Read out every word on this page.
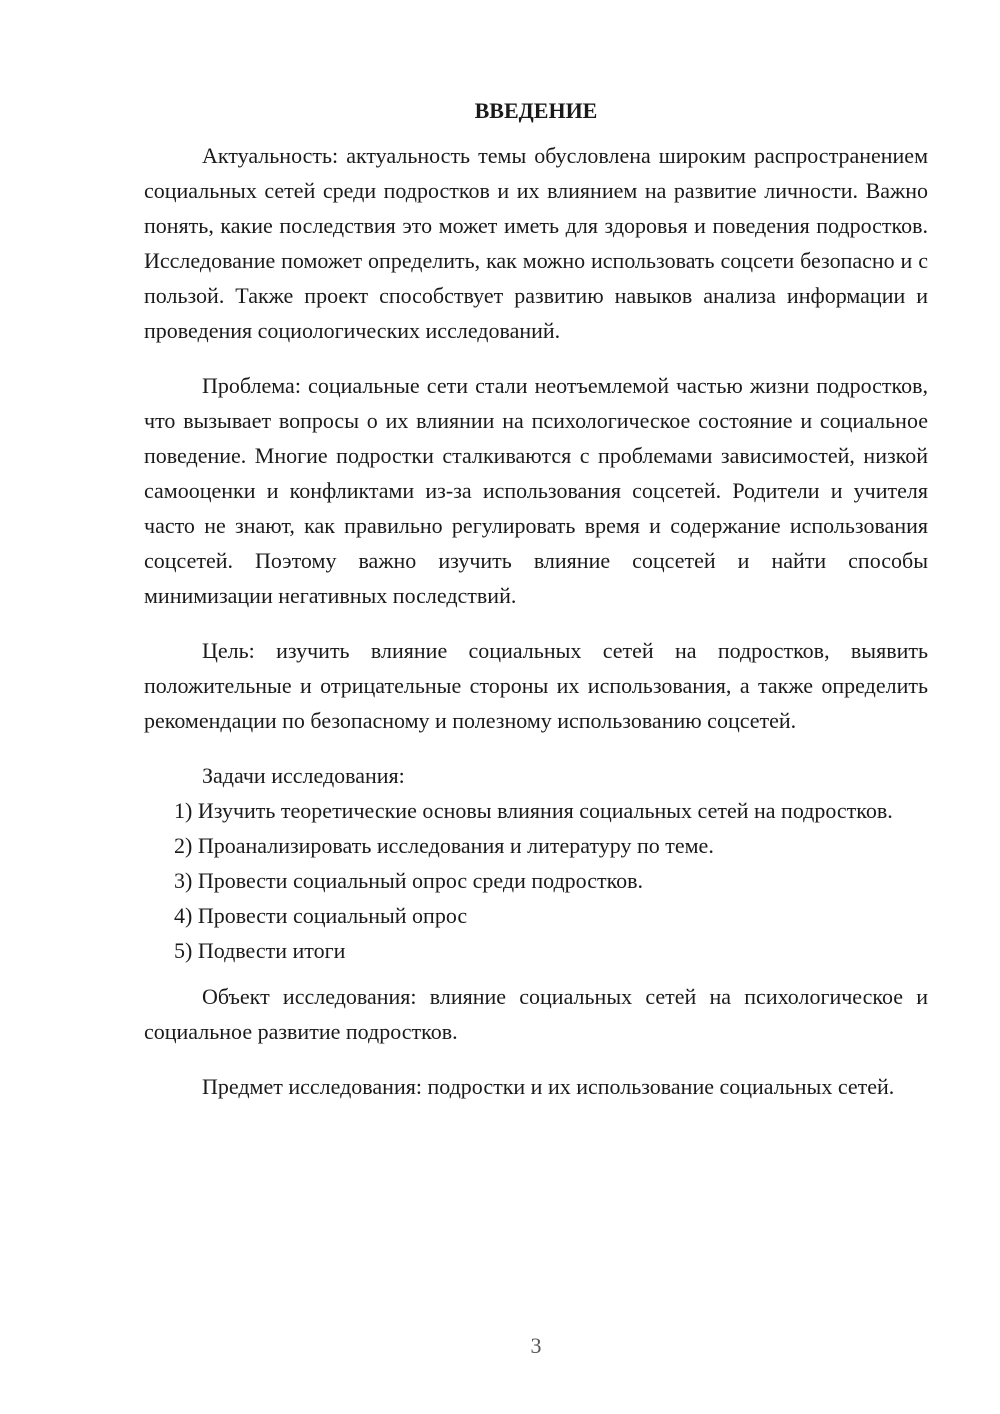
ВВЕДЕНИЕ

Актуальность: актуальность темы обусловлена широким распространением социальных сетей среди подростков и их влиянием на развитие личности. Важно понять, какие последствия это может иметь для здоровья и поведения подростков. Исследование поможет определить, как можно использовать соцсети безопасно и с пользой. Также проект способствует развитию навыков анализа информации и проведения социологических исследований.

Проблема: социальные сети стали неотъемлемой частью жизни подростков, что вызывает вопросы о их влиянии на психологическое состояние и социальное поведение. Многие подростки сталкиваются с проблемами зависимостей, низкой самооценки и конфликтами из-за использования соцсетей. Родители и учителя часто не знают, как правильно регулировать время и содержание использования соцсетей. Поэтому важно изучить влияние соцсетей и найти способы минимизации негативных последствий.

Цель: изучить влияние социальных сетей на подростков, выявить положительные и отрицательные стороны их использования, а также определить рекомендации по безопасному и полезному использованию соцсетей.

Задачи исследования:

1) Изучить теоретические основы влияния социальных сетей на подростков.

2) Проанализировать исследования и литературу по теме.

3) Провести социальный опрос среди подростков.

4) Провести социальный опрос

5) Подвести итоги

Объект исследования: влияние социальных сетей на психологическое и социальное развитие подростков.

Предмет исследования: подростки и их использование социальных сетей.

3
